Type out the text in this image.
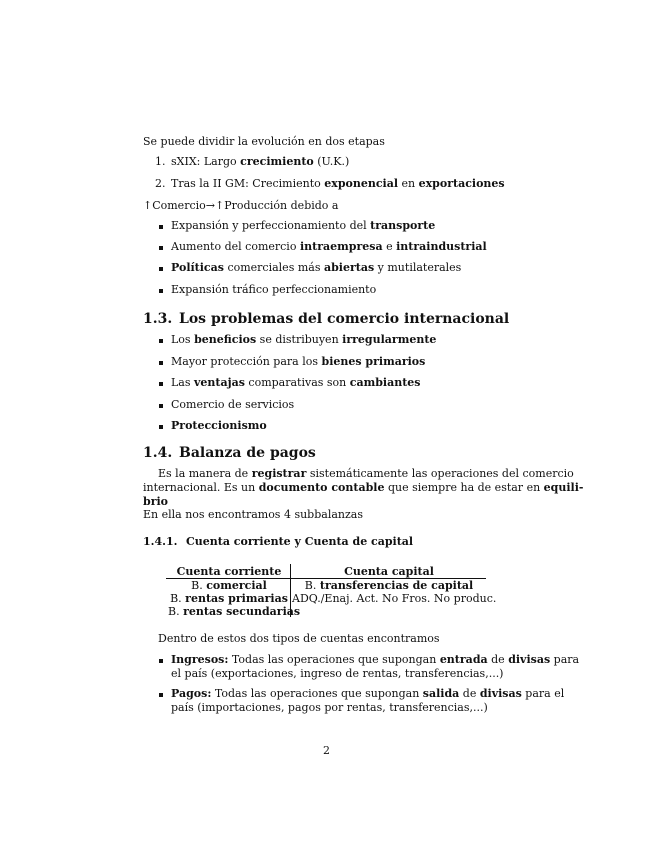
Se puede dividir la evolución en dos etapas
1. sXIX: Largo crecimiento (U.K.)
2. Tras la II GM: Crecimiento exponencial en exportaciones
↑Comercio→↑Producción debido a
Expansión y perfeccionamiento del transporte
Aumento del comercio intraempresa e intraindustrial
Políticas comerciales más abiertas y mutilaterales
Expansión tráfico perfeccionamiento
1.3. Los problemas del comercio internacional
Los beneficios se distribuyen irregularmente
Mayor protección para los bienes primarios
Las ventajas comparativas son cambiantes
Comercio de servicios
Proteccionismo
1.4. Balanza de pagos
Es la manera de registrar sistemáticamente las operaciones del comercio
internacional. Es un documento contable que siempre ha de estar en equili-
brio
En ella nos encontramos 4 subbalanzas
1.4.1. Cuenta corriente y Cuenta de capital
Cuenta corriente	Cuenta capital
B. comercial
B. rentas primarias
B. rentas secundarias
B. transferencias de capital
ADQ./Enaj. Act. No Fros. No produc.
Dentro de estos dos tipos de cuentas encontramos
Ingresos: Todas las operaciones que supongan entrada de divisas para
el país (exportaciones, ingreso de rentas, transferencias,...)
Pagos: Todas las operaciones que supongan salida de divisas para el
país (importaciones, pagos por rentas, transferencias,...)
2
